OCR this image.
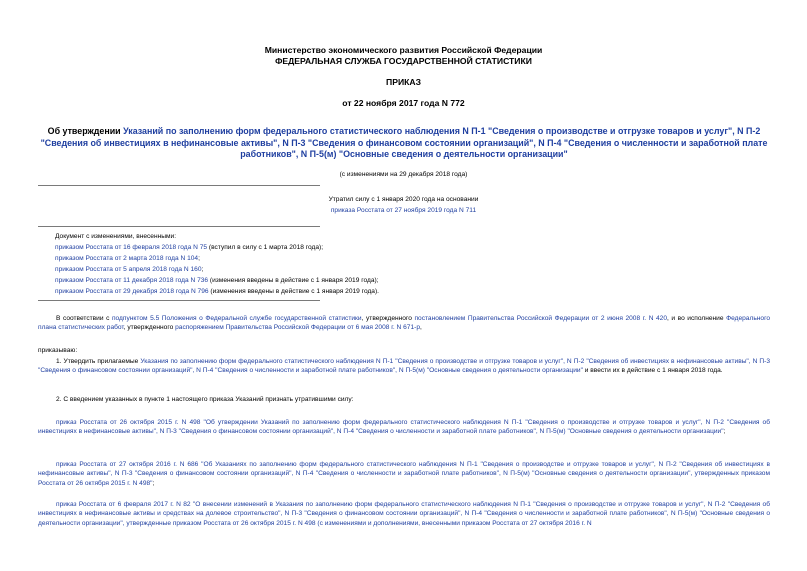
Министерство экономического развития Российской Федерации
ФЕДЕРАЛЬНАЯ СЛУЖБА ГОСУДАРСТВЕННОЙ СТАТИСТИКИ
ПРИКАЗ
от 22 ноября 2017 года N 772
Об утверждении Указаний по заполнению форм федерального статистического наблюдения N П-1 "Сведения о производстве и отгрузке товаров и услуг", N П-2 "Сведения об инвестициях в нефинансовые активы", N П-3 "Сведения о финансовом состоянии организаций", N П-4 "Сведения о численности и заработной плате работников", N П-5(м) "Основные сведения о деятельности организации"
(с изменениями на 29 декабря 2018 года)
Утратил силу с 1 января 2020 года на основании
приказа Росстата от 27 ноября 2019 года N 711
Документ с изменениями, внесенными:
приказом Росстата от 16 февраля 2018 года N 75 (вступил в силу с 1 марта 2018 года);
приказом Росстата от 2 марта 2018 года N 104;
приказом Росстата от 5 апреля 2018 года N 160;
приказом Росстата от 11 декабря 2018 года N 736 (изменения введены в действие с 1 января 2019 года);
приказом Росстата от 29 декабря 2018 года N 796 (изменения введены в действие с 1 января 2019 года).
В соответствии с подпунктом 5.5 Положения о Федеральной службе государственной статистики, утвержденного постановлением Правительства Российской Федерации от 2 июня 2008 г. N 420, и во исполнение Федерального плана статистических работ, утвержденного распоряжением Правительства Российской Федерации от 6 мая 2008 г. N 671-р,
приказываю:
1. Утвердить прилагаемые Указания по заполнению форм федерального статистического наблюдения N П-1 "Сведения о производстве и отгрузке товаров и услуг", N П-2 "Сведения об инвестициях в нефинансовые активы", N П-3 "Сведения о финансовом состоянии организаций", N П-4 "Сведения о численности и заработной плате работников", N П-5(м) "Основные сведения о деятельности организации" и ввести их в действие с 1 января 2018 года.
2. С введением указанных в пункте 1 настоящего приказа Указаний признать утратившими силу:
приказ Росстата от 26 октября 2015 г. N 498 "Об утверждении Указаний по заполнению форм федерального статистического наблюдения N П-1 "Сведения о производстве и отгрузке товаров и услуг", N П-2 "Сведения об инвестициях в нефинансовые активы", N П-3 "Сведения о финансовом состоянии организаций", N П-4 "Сведения о численности и заработной плате работников", N П-5(м) "Основные сведения о деятельности организации";
приказ Росстата от 27 октября 2016 г. N 686 "Об Указаниях по заполнению форм федерального статистического наблюдения N П-1 "Сведения о производстве и отгрузке товаров и услуг", N П-2 "Сведения об инвестициях в нефинансовые активы", N П-3 "Сведения о финансовом состоянии организаций", N П-4 "Сведения о численности и заработной плате работников", N П-5(м) "Основные сведения о деятельности организации", утвержденных приказом Росстата от 26 октября 2015 г. N 498";
приказ Росстата от 6 февраля 2017 г. N 82 "О внесении изменений в Указания по заполнению форм федерального статистического наблюдения N П-1 "Сведения о производстве и отгрузке товаров и услуг", N П-2 "Сведения об инвестициях в нефинансовые активы и средствах на долевое строительство", N П-3 "Сведения о финансовом состоянии организаций", N П-4 "Сведения о численности и заработной плате работников", N П-5(м) "Основные сведения о деятельности организации", утвержденные приказом Росстата от 26 октября 2015 г. N 498 (с изменениями и дополнениями, внесенными приказом Росстата от 27 октября 2016 г. N
